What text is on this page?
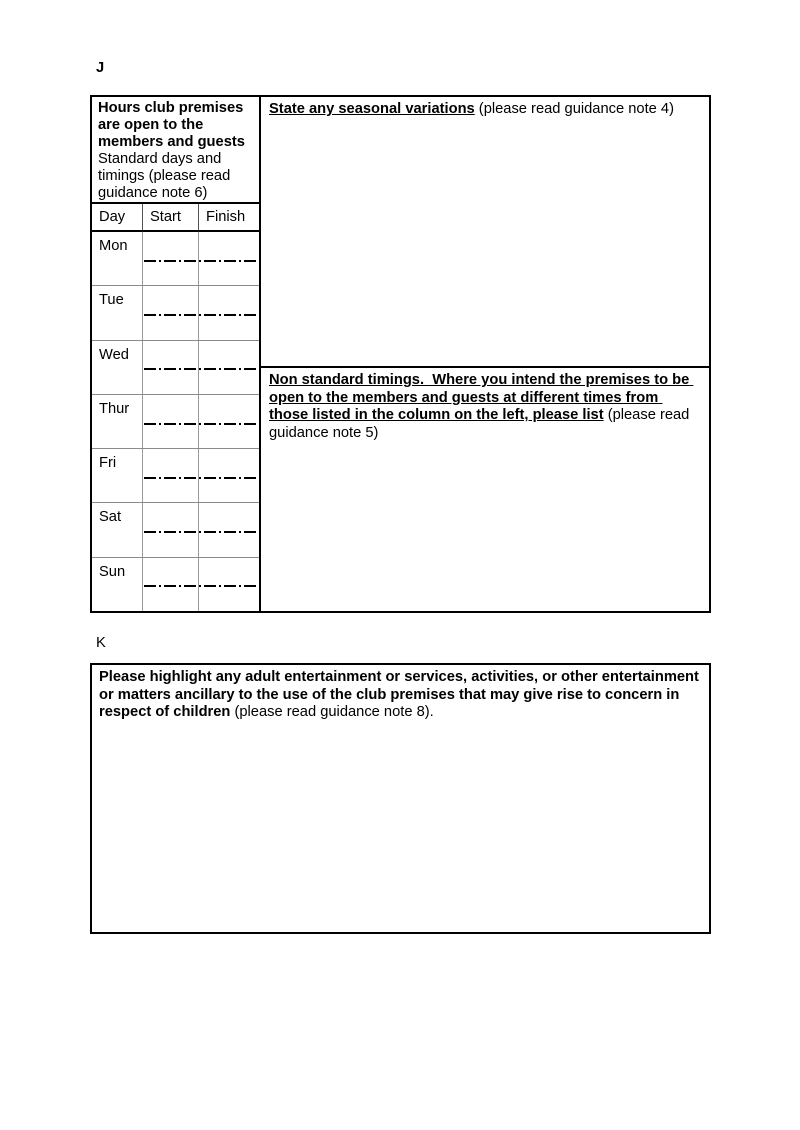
J

Hours club premises are open to the members and guests Standard days and timings (please read guidance note 6)

Day	Start	Finish
Mon
Tue
Wed
Thur
Fri
Sat
Sun

State any seasonal variations (please read guidance note 4)

Non standard timings.  Where you intend the premises to be open to the members and guests at different times from those listed in the column on the left, please list (please read guidance note 5)

K

Please highlight any adult entertainment or services, activities, or other entertainment or matters ancillary to the use of the club premises that may give rise to concern in respect of children (please read guidance note 8).
